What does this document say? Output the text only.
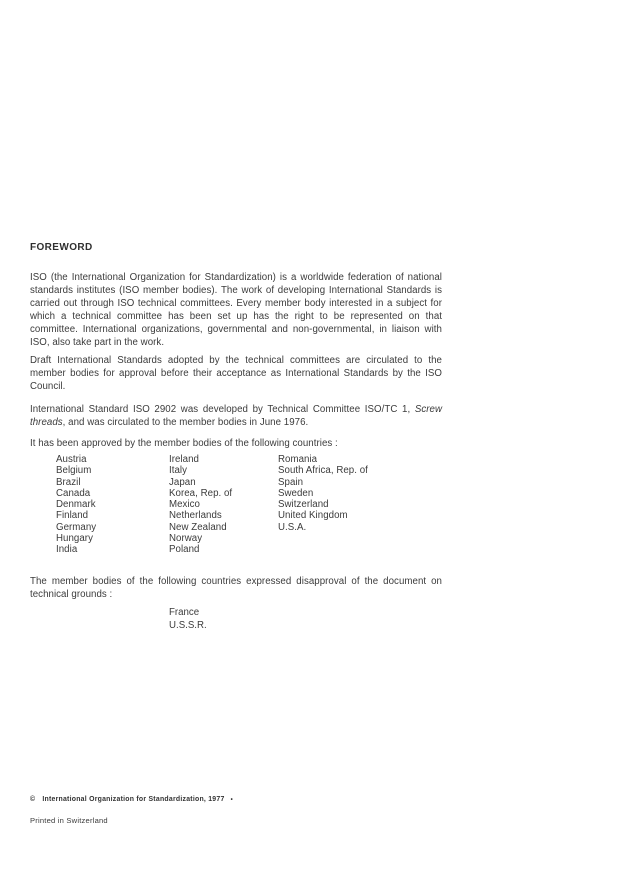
FOREWORD

ISO (the International Organization for Standardization) is a worldwide federation of national standards institutes (ISO member bodies). The work of developing International Standards is carried out through ISO technical committees. Every member body interested in a subject for which a technical committee has been set up has the right to be represented on that committee. International organizations, governmental and non-governmental, in liaison with ISO, also take part in the work.

Draft International Standards adopted by the technical committees are circulated to the member bodies for approval before their acceptance as International Standards by the ISO Council.

International Standard ISO 2902 was developed by Technical Committee ISO/TC 1, Screw threads, and was circulated to the member bodies in June 1976.

It has been approved by the member bodies of the following countries :

Austria
Belgium
Brazil
Canada
Denmark
Finland
Germany
Hungary
India
Ireland
Italy
Japan
Korea, Rep. of
Mexico
Netherlands
New Zealand
Norway
Poland
Romania
South Africa, Rep. of
Spain
Sweden
Switzerland
United Kingdom
U.S.A.

The member bodies of the following countries expressed disapproval of the document on technical grounds :

France
U.S.S.R.
© International Organization for Standardization, 1977 •
Printed in Switzerland
